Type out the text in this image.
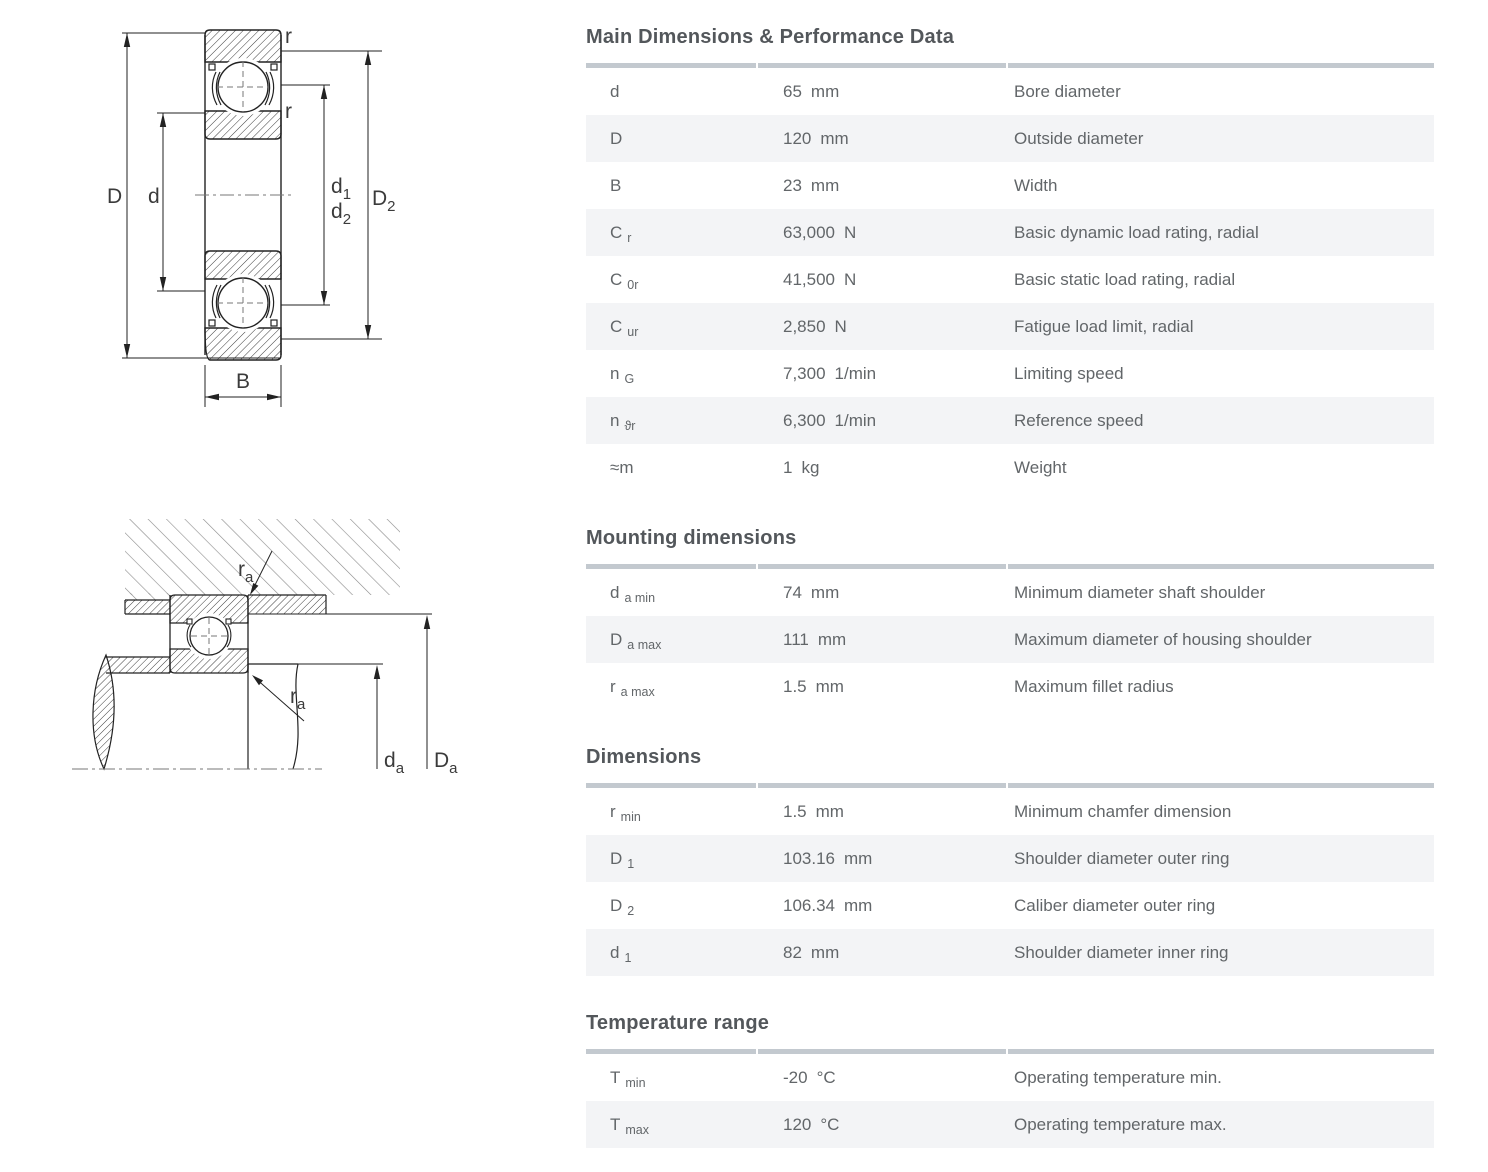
D d	$d_1$
$d_2$
$D_2$
r
r
B
$r_a$
$r_a$
$d_a$ $D_a$
Main Dimensions & Performance Data
d	65 mm	Bore diameter
D	120 mm	Outside diameter
B	23 mm	Width
C $_r$	63,000 N	Basic dynamic load rating, radial
C $_{0r}$	41,500 N	Basic static load rating, radial
C $_{ur}$	2,850 N	Fatigue load limit, radial
n $_G$	7,300 1/min	Limiting speed
n $_{ϑr}$	6,300 1/min	Reference speed
≈m	1 kg	Weight
Mounting dimensions
d $_{a min}$	74 mm	Minimum diameter shaft shoulder
D $_{a max}$	111 mm	Maximum diameter of housing shoulder
r $_{a max}$	1.5 mm	Maximum fillet radius
Dimensions
r $_{min}$	1.5 mm	Minimum chamfer dimension
D $_1$	103.16 mm	Shoulder diameter outer ring
D $_2$	106.34 mm	Caliber diameter outer ring
d $_1$	82 mm	Shoulder diameter inner ring
Temperature range
T $_{min}$	-20 °C	Operating temperature min.
T $_{max}$	120 °C	Operating temperature max.
